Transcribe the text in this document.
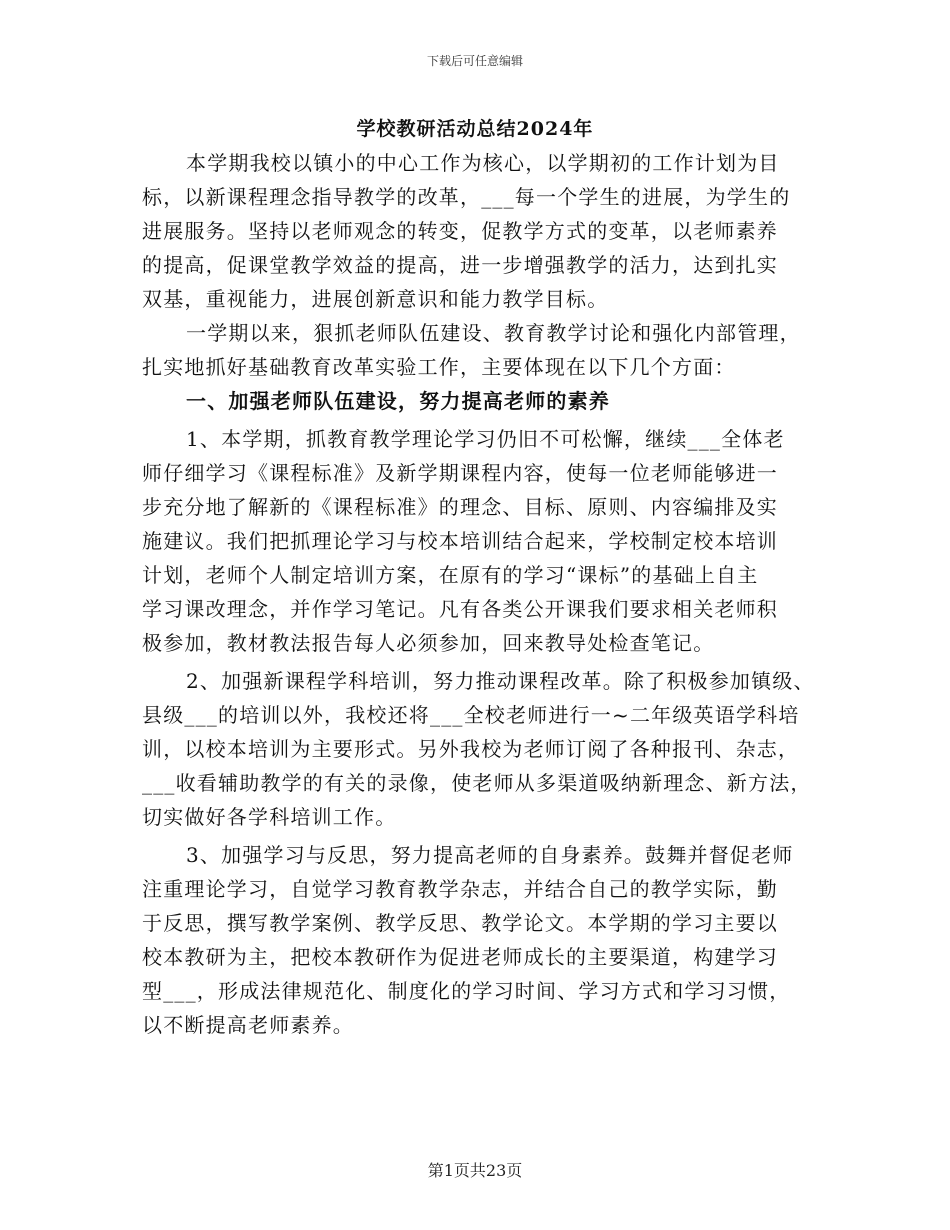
下载后可任意编辑
学校教研活动总结2024年
本学期我校以镇小的中心工作为核心，以学期初的工作计划为目
标，以新课程理念指导教学的改革，___每一个学生的进展，为学生的
进展服务。坚持以老师观念的转变，促教学方式的变革，以老师素养
的提高，促课堂教学效益的提高，进一步增强教学的活力，达到扎实
双基，重视能力，进展创新意识和能力教学目标。
一学期以来，狠抓老师队伍建设、教育教学讨论和强化内部管理，
扎实地抓好基础教育改革实验工作，主要体现在以下几个方面：
一、加强老师队伍建设，努力提高老师的素养
1、本学期，抓教育教学理论学习仍旧不可松懈，继续___全体老
师仔细学习《课程标准》及新学期课程内容，使每一位老师能够进一
步充分地了解新的《课程标准》的理念、目标、原则、内容编排及实
施建议。我们把抓理论学习与校本培训结合起来，学校制定校本培训
计划，老师个人制定培训方案，在原有的学习“课标”的基础上自主
学习课改理念，并作学习笔记。凡有各类公开课我们要求相关老师积
极参加，教材教法报告每人必须参加，回来教导处检查笔记。
2、加强新课程学科培训，努力推动课程改革。除了积极参加镇级、
县级___的培训以外，我校还将___全校老师进行一~二年级英语学科培
训，以校本培训为主要形式。另外我校为老师订阅了各种报刊、杂志，
___收看辅助教学的有关的录像，使老师从多渠道吸纳新理念、新方法，
切实做好各学科培训工作。
3、加强学习与反思，努力提高老师的自身素养。鼓舞并督促老师
注重理论学习，自觉学习教育教学杂志，并结合自己的教学实际，勤
于反思，撰写教学案例、教学反思、教学论文。本学期的学习主要以
校本教研为主，把校本教研作为促进老师成长的主要渠道，构建学习
型___，形成法律规范化、制度化的学习时间、学习方式和学习习惯，
以不断提高老师素养。
第1页共23页
